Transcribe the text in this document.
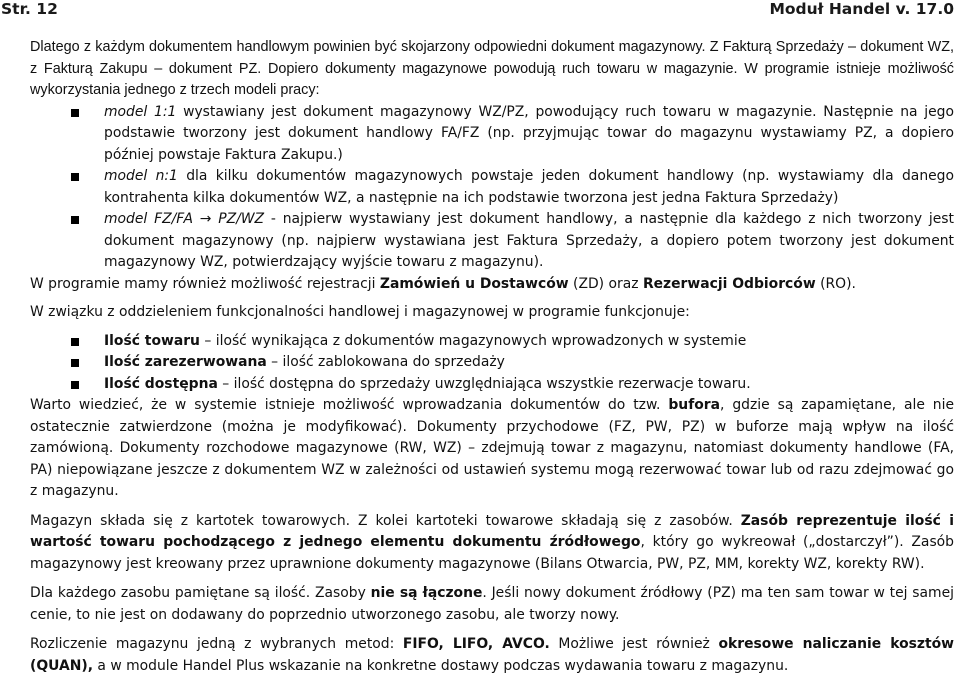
Str. 12	Moduł Handel v. 17.0

Dlatego z każdym dokumentem handlowym powinien być skojarzony odpowiedni dokument magazynowy. Z Fakturą Sprzedaży – dokument WZ, z Fakturą Zakupu – dokument PZ. Dopiero dokumenty magazynowe powodują ruch towaru w magazynie. W programie istnieje możliwość wykorzystania jednego z trzech modeli pracy:

model 1:1 wystawiany jest dokument magazynowy WZ/PZ, powodujący ruch towaru w magazynie. Następnie na jego podstawie tworzony jest dokument handlowy FA/FZ (np. przyjmując towar do magazynu wystawiamy PZ, a dopiero później powstaje Faktura Zakupu.)
model n:1 dla kilku dokumentów magazynowych powstaje jeden dokument handlowy (np. wystawiamy dla danego kontrahenta kilka dokumentów WZ, a następnie na ich podstawie tworzona jest jedna Faktura Sprzedaży)
model FZ/FA → PZ/WZ - najpierw wystawiany jest dokument handlowy, a następnie dla każdego z nich tworzony jest dokument magazynowy (np. najpierw wystawiana jest Faktura Sprzedaży, a dopiero potem tworzony jest dokument magazynowy WZ, potwierdzający wyjście towaru z magazynu).

W programie mamy również możliwość rejestracji Zamówień u Dostawców (ZD) oraz Rezerwacji Odbiorców (RO).

W związku z oddzieleniem funkcjonalności handlowej i magazynowej w programie funkcjonuje:

Ilość towaru – ilość wynikająca z dokumentów magazynowych wprowadzonych w systemie
Ilość zarezerwowana – ilość zablokowana do sprzedaży
Ilość dostępna – ilość dostępna do sprzedaży uwzględniająca wszystkie rezerwacje towaru.

Warto wiedzieć, że w systemie istnieje możliwość wprowadzania dokumentów do tzw. bufora, gdzie są zapamiętane, ale nie ostatecznie zatwierdzone (można je modyfikować). Dokumenty przychodowe (FZ, PW, PZ) w buforze mają wpływ na ilość zamówioną. Dokumenty rozchodowe magazynowe (RW, WZ) – zdejmują towar z magazynu, natomiast dokumenty handlowe (FA, PA) niepowiązane jeszcze z dokumentem WZ w zależności od ustawień systemu mogą rezerwować towar lub od razu zdejmować go z magazynu.

Magazyn składa się z kartotek towarowych. Z kolei kartoteki towarowe składają się z zasobów. Zasób reprezentuje ilość i wartość towaru pochodzącego z jednego elementu dokumentu źródłowego, który go wykreował („dostarczył”). Zasób magazynowy jest kreowany przez uprawnione dokumenty magazynowe (Bilans Otwarcia, PW, PZ, MM, korekty WZ, korekty RW).

Dla każdego zasobu pamiętane są ilość. Zasoby nie są łączone. Jeśli nowy dokument źródłowy (PZ) ma ten sam towar w tej samej cenie, to nie jest on dodawany do poprzednio utworzonego zasobu, ale tworzy nowy.

Rozliczenie magazynu jedną z wybranych metod: FIFO, LIFO, AVCO. Możliwe jest również okresowe naliczanie kosztów (QUAN), a w module Handel Plus wskazanie na konkretne dostawy podczas wydawania towaru z magazynu.
